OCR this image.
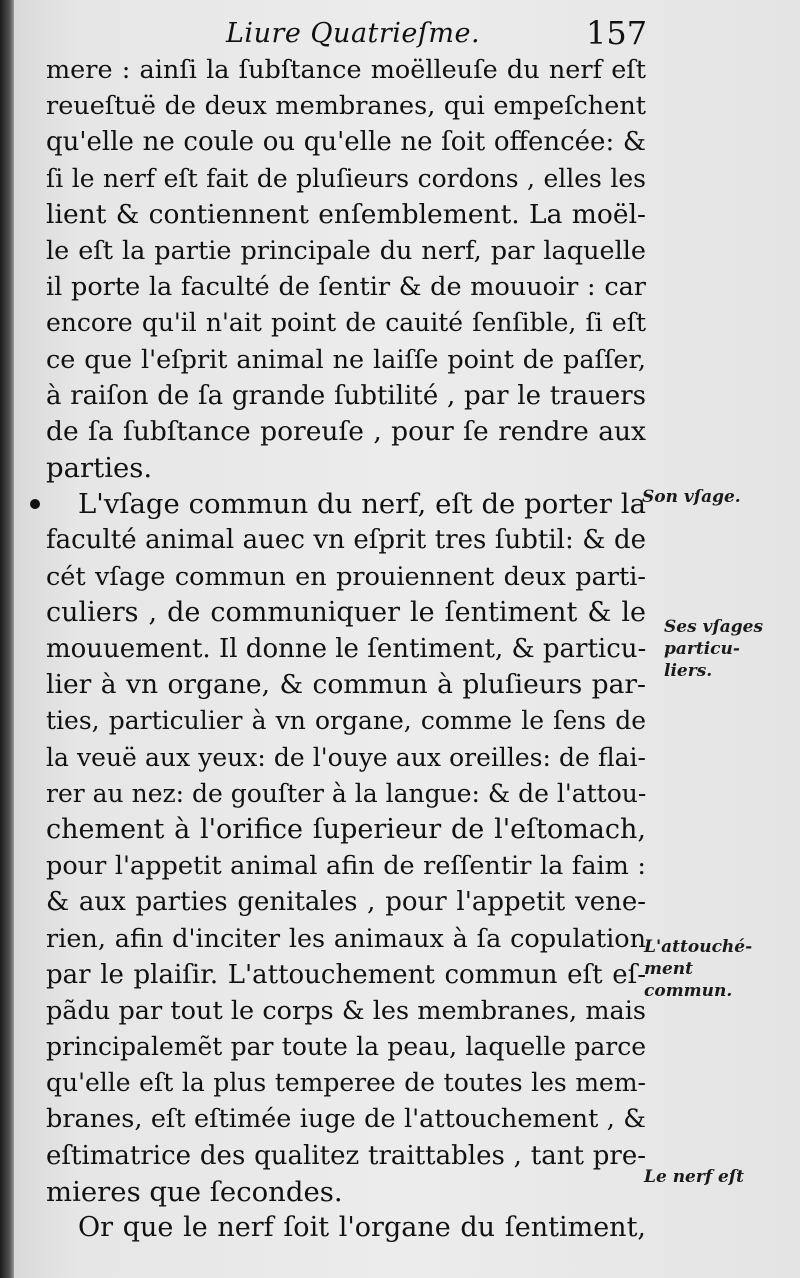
Liure Quatrieſme.	157
mere : ainſi la ſubſtance moëlleuſe du nerf eſt
reueſtuë de deux membranes, qui empeſchent
qu'elle ne coule ou qu'elle ne ſoit offencée: &
ſi le nerf eſt fait de pluſieurs cordons , elles les
lient & contiennent enſemblement. La moël-
le eſt la partie principale du nerf, par laquelle
il porte la faculté de ſentir & de mouuoir : car
encore qu'il n'ait point de cauité ſenſible, ſi eſt
ce que l'eſprit animal ne laiſſe point de paſſer,
à raiſon de ſa grande ſubtilité , par le trauers
de ſa ſubſtance poreuſe , pour ſe rendre aux
parties.
L'vſage commun du nerf, eſt de porter la
faculté animal auec vn eſprit tres ſubtil: & de
cét vſage commun en prouiennent deux parti-
culiers , de communiquer le ſentiment & le
mouuement. Il donne le ſentiment, & particu-
lier à vn organe, & commun à pluſieurs par-
ties, particulier à vn organe, comme le ſens de
la veuë aux yeux: de l'ouye aux oreilles: de flai-
rer au nez: de gouſter à la langue: & de l'attou-
chement à l'orifice ſuperieur de l'eſtomach,
pour l'appetit animal afin de reſſentir la faim :
& aux parties genitales , pour l'appetit vene-
rien, afin d'inciter les animaux à ſa copulation
par le plaiſir. L'attouchement commun eſt eſ-
pãdu par tout le corps & les membranes, mais
principalemẽt par toute la peau, laquelle parce
qu'elle eſt la plus temperee de toutes les mem-
branes, eſt eſtimée iuge de l'attouchement , &
eſtimatrice des qualitez traittables , tant pre-
mieres que ſecondes.
Or que le nerf ſoit l'organe du ſentiment,
Son vſage.
Ses vſages
particu-
liers.
L'attouché-
ment
commun.
Le nerf eſt
